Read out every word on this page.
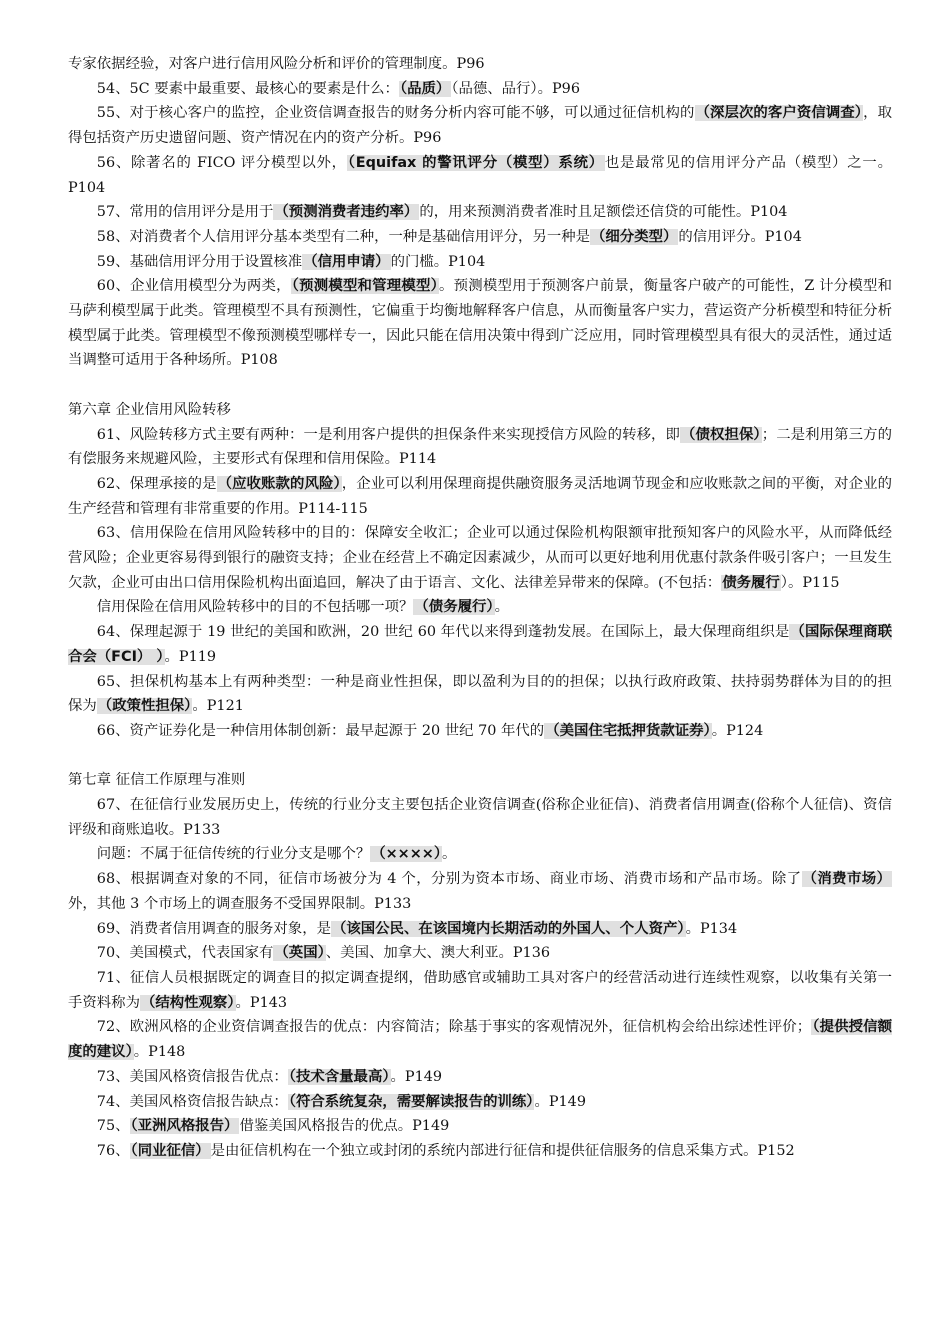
专家依据经验，对客户进行信用风险分析和评价的管理制度。P96

54、5C 要素中最重要、最核心的要素是什么：（品质）（品德、品行）。P96

55、对于核心客户的监控，企业资信调查报告的财务分析内容可能不够，可以通过征信机构的（深层次的客户资信调查），取得包括资产历史遗留问题、资产情况在内的资产分析。P96

56、除著名的 FICO 评分模型以外，（Equifax 的警讯评分（模型）系统）也是最常见的信用评分产品（模型）之一。P104

57、常用的信用评分是用于（预测消费者违约率）的，用来预测消费者准时且足额偿还信贷的可能性。P104

58、对消费者个人信用评分基本类型有二种，一种是基础信用评分，另一种是（细分类型）的信用评分。P104

59、基础信用评分用于设置核准（信用申请）的门槛。P104

60、企业信用模型分为两类，（预测模型和管理模型）。预测模型用于预测客户前景，衡量客户破产的可能性，Z 计分模型和马萨利模型属于此类。管理模型不具有预测性，它偏重于均衡地解释客户信息，从而衡量客户实力，营运资产分析模型和特征分析模型属于此类。管理模型不像预测模型哪样专一，因此只能在信用决策中得到广泛应用，同时管理模型具有很大的灵活性，通过适当调整可适用于各种场所。P108

第六章 企业信用风险转移

61、风险转移方式主要有两种：一是利用客户提供的担保条件来实现授信方风险的转移，即（债权担保）；二是利用第三方的有偿服务来规避风险，主要形式有保理和信用保险。P114

62、保理承接的是（应收账款的风险），企业可以利用保理商提供融资服务灵活地调节现金和应收账款之间的平衡，对企业的生产经营和管理有非常重要的作用。P114-115

63、信用保险在信用风险转移中的目的：保障安全收汇；企业可以通过保险机构限额审批预知客户的风险水平，从而降低经营风险；企业更容易得到银行的融资支持；企业在经营上不确定因素减少，从而可以更好地利用优惠付款条件吸引客户；一旦发生欠款，企业可由出口信用保险机构出面追回，解决了由于语言、文化、法律差异带来的保障。(不包括：债务履行）。P115

信用保险在信用风险转移中的目的不包括哪一项？（债务履行）。

64、保理起源于 19 世纪的美国和欧洲，20 世纪 60 年代以来得到蓬勃发展。在国际上，最大保理商组织是（国际保理商联合会（FCI） ）。P119

65、担保机构基本上有两种类型：一种是商业性担保，即以盈利为目的的担保；以执行政府政策、扶持弱势群体为目的的担保为（政策性担保）。P121

66、资产证券化是一种信用体制创新：最早起源于 20 世纪 70 年代的（美国住宅抵押货款证券）。P124

第七章 征信工作原理与准则

67、在征信行业发展历史上，传统的行业分支主要包括企业资信调查(俗称企业征信)、消费者信用调查(俗称个人征信)、资信评级和商账追收。P133

问题：不属于征信传统的行业分支是哪个？（××××）。

68、根据调查对象的不同，征信市场被分为 4 个，分别为资本市场、商业市场、消费市场和产品市场。除了（消费市场）外，其他 3 个市场上的调查服务不受国界限制。P133

69、消费者信用调查的服务对象，是（该国公民、在该国境内长期活动的外国人、个人资产）。P134

70、美国模式，代表国家有（英国）、美国、加拿大、澳大利亚。P136

71、征信人员根据既定的调查目的拟定调查提纲，借助感官或辅助工具对客户的经营活动进行连续性观察，以收集有关第一手资料称为（结构性观察）。P143

72、欧洲风格的企业资信调查报告的优点：内容简洁；除基于事实的客观情况外，征信机构会给出综述性评价；（提供授信额度的建议）。P148

73、美国风格资信报告优点：（技术含量最高）。P149

74、美国风格资信报告缺点：（符合系统复杂，需要解读报告的训练）。P149

75、（亚洲风格报告）借鉴美国风格报告的优点。P149

76、（同业征信）是由征信机构在一个独立或封闭的系统内部进行征信和提供征信服务的信息采集方式。P152
